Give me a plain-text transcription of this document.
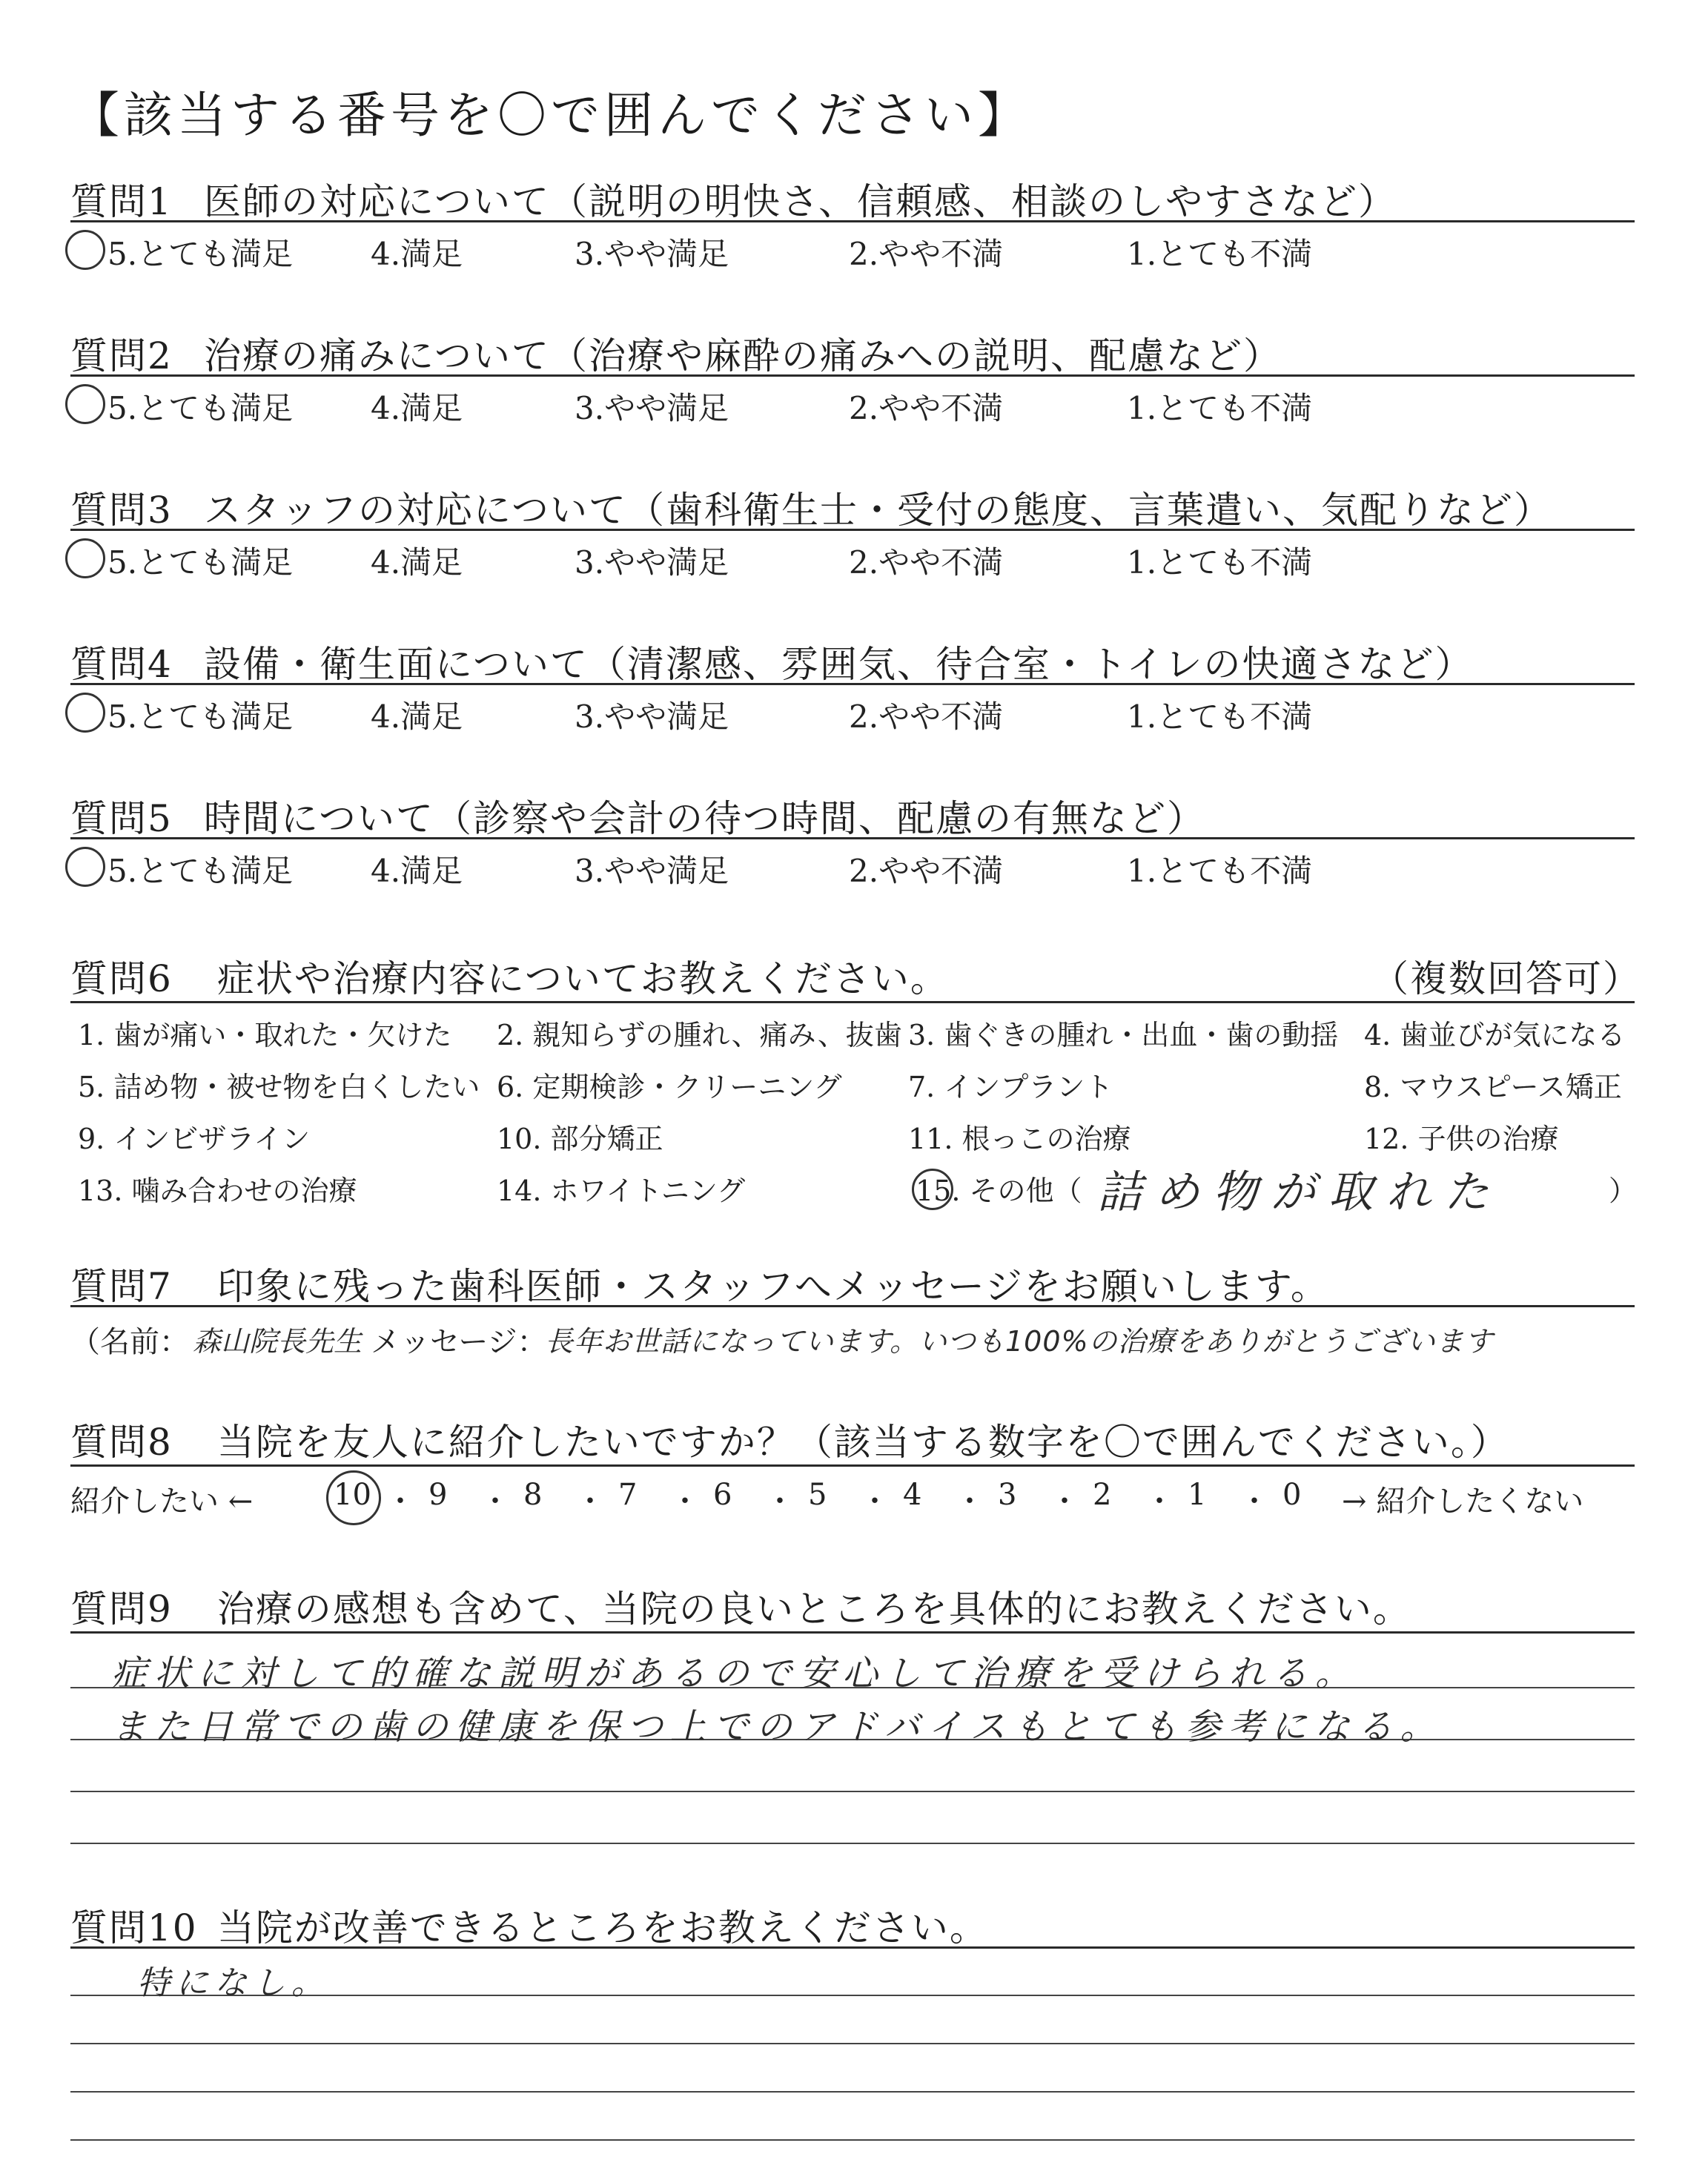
【該当する番号を〇で囲んでください】
質問1 医師の対応について（説明の明快さ、信頼感、相談のしやすさなど）
5.とても満足 4.満足	3.やや満足	2.やや不満	1.とても不満
質問2 治療の痛みについて（治療や麻酔の痛みへの説明、配慮など）
5.とても満足 4.満足	3.やや満足	2.やや不満	1.とても不満
質問3 スタッフの対応について（歯科衛生士・受付の態度、言葉遣い、気配りなど）
5.とても満足 4.満足	3.やや満足	2.やや不満	1.とても不満
質問4 設備・衛生面について（清潔感、雰囲気、待合室・トイレの快適さなど）
5.とても満足 4.満足	3.やや満足	2.やや不満	1.とても不満
質問5 時間について（診察や会計の待つ時間、配慮の有無など）
5.とても満足 4.満足	3.やや満足	2.やや不満	1.とても不満
質問6 症状や治療内容についてお教えください。	（複数回答可）
1. 歯が痛い・取れた・欠けた 2. 親知らずの腫れ、痛み、抜歯 3. 歯ぐきの腫れ・出血・歯の動揺 4. 歯並びが気になる
5. 詰め物・被せ物を白くしたい 6. 定期検診・クリーニング 7. インプラント	8. マウスピース矯正
9. インビザライン	10. 部分矯正	11. 根っこの治療	12. 子供の治療
13. 噛み合わせの治療	14. ホワイトニング	15. その他（	）
詰め物が取れた
質問7 印象に残った歯科医師・スタッフへメッセージをお願いします。
（名前： 森山院長先生 メッセージ：
長年お世話になっています。いつも100%の治療をありがとうございます
質問8 当院を友人に紹介したいですか？（該当する数字を〇で囲んでください。）
紹介したい ←	10 ・ 9 ・ 8 ・ 7 ・ 6 ・ 5 ・ 4 ・ 3 ・ 2 ・ 1 ・ 0 → 紹介したくない
質問9 治療の感想も含めて、当院の良いところを具体的にお教えください。
症状に対して的確な説明があるので安心して治療を受けられる。
また日常での歯の健康を保つ上でのアドバイスもとても参考になる。
質問10 当院が改善できるところをお教えください。
特になし。
